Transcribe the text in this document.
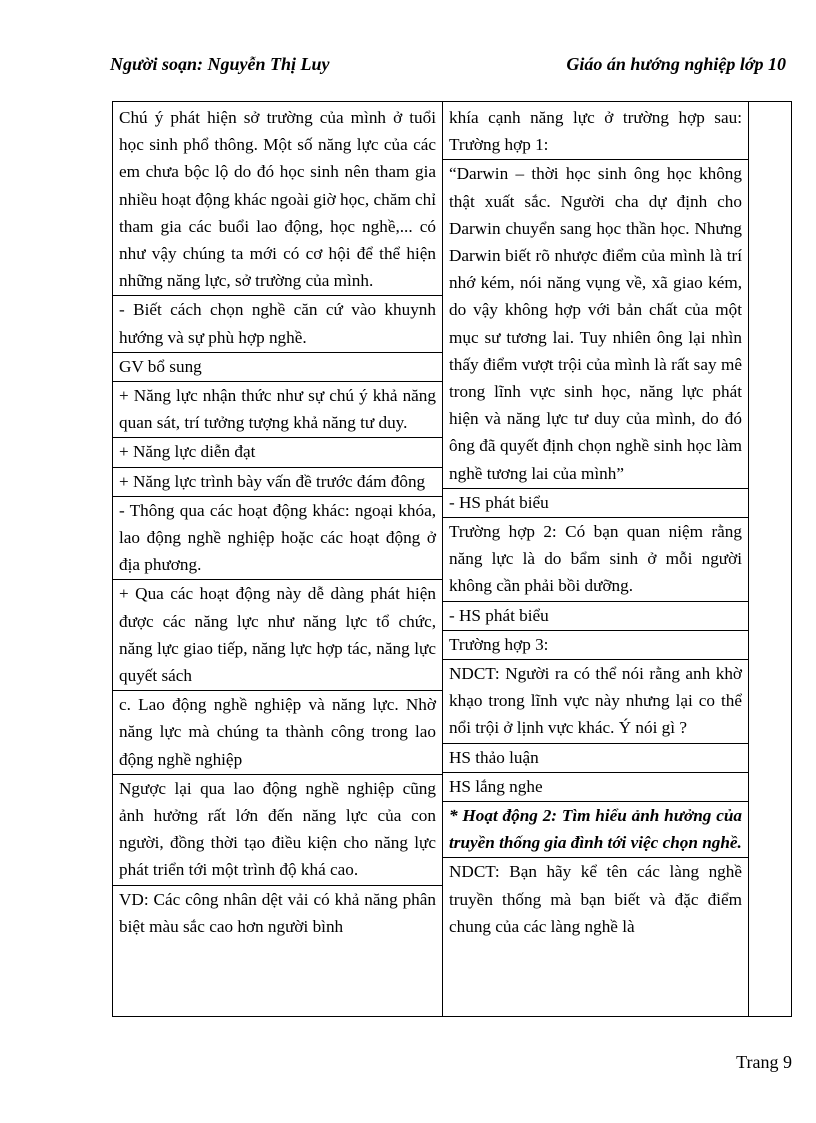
Người soạn: Nguyễn Thị Luy	Giáo án hướng nghiệp lớp 10

Chú ý phát hiện sở trường của mình ở tuổi học sinh phổ thông. Một số năng lực của các em chưa bộc lộ do đó học sinh nên tham gia nhiều hoạt động khác ngoài giờ học, chăm chỉ tham gia các buổi lao động, học nghề,... có như vậy chúng ta mới có cơ hội để thể hiện những năng lực, sở trường của mình.

- Biết cách chọn nghề căn cứ vào khuynh hướng và sự phù hợp nghề.

GV bổ sung

+ Năng lực nhận thức như sự chú ý khả năng quan sát, trí tưởng tượng khả năng tư duy.

+ Năng lực diễn đạt

+ Năng lực trình bày vấn đề trước đám đông

- Thông qua các hoạt động khác: ngoại khóa, lao động nghề nghiệp hoặc các hoạt động ở địa phương.

+ Qua các hoạt động này dễ dàng phát hiện được các năng lực như năng lực tổ chức, năng lực giao tiếp, năng lực hợp tác, năng lực quyết sách

c. Lao động nghề nghiệp và năng lực. Nhờ năng lực mà chúng ta thành công trong lao động nghề nghiệp

Ngược lại qua lao động nghề nghiệp cũng ảnh hưởng rất lớn đến năng lực của con người, đồng thời tạo điều kiện cho năng lực phát triển tới một trình độ khá cao.

VD: Các công nhân dệt vải có khả năng phân biệt màu sắc cao hơn người bình

khía cạnh năng lực ở trường hợp sau: Trường hợp 1:

“Darwin – thời học sinh ông học không thật xuất sắc. Người cha dự định cho Darwin chuyển sang học thần học. Nhưng Darwin biết rõ nhược điểm của mình là trí nhớ kém, nói năng vụng về, xã giao kém, do vậy không hợp với bản chất của một mục sư tương lai. Tuy nhiên ông lại nhìn thấy điểm vượt trội của mình là rất say mê trong lĩnh vực sinh học, năng lực phát hiện và năng lực tư duy của mình, do đó ông đã quyết định chọn nghề sinh học làm nghề tương lai của mình”

- HS phát biểu

Trường hợp 2: Có bạn quan niệm rằng năng lực là do bẩm sinh ở mỗi người không cần phải bồi dưỡng.

- HS phát biểu

Trường hợp 3:

NDCT: Người ra có thể nói rằng anh khờ khạo trong lĩnh vực này nhưng lại co thể nổi trội ở lịnh vực khác. Ý nói gì ?

HS thảo luận

HS lắng nghe

* Hoạt động 2: Tìm hiểu ảnh hưởng của truyền thống gia đình tới việc chọn nghề.

NDCT: Bạn hãy kể tên các làng nghề truyền thống mà bạn biết và đặc điểm chung của các làng nghề là

Trang 9
